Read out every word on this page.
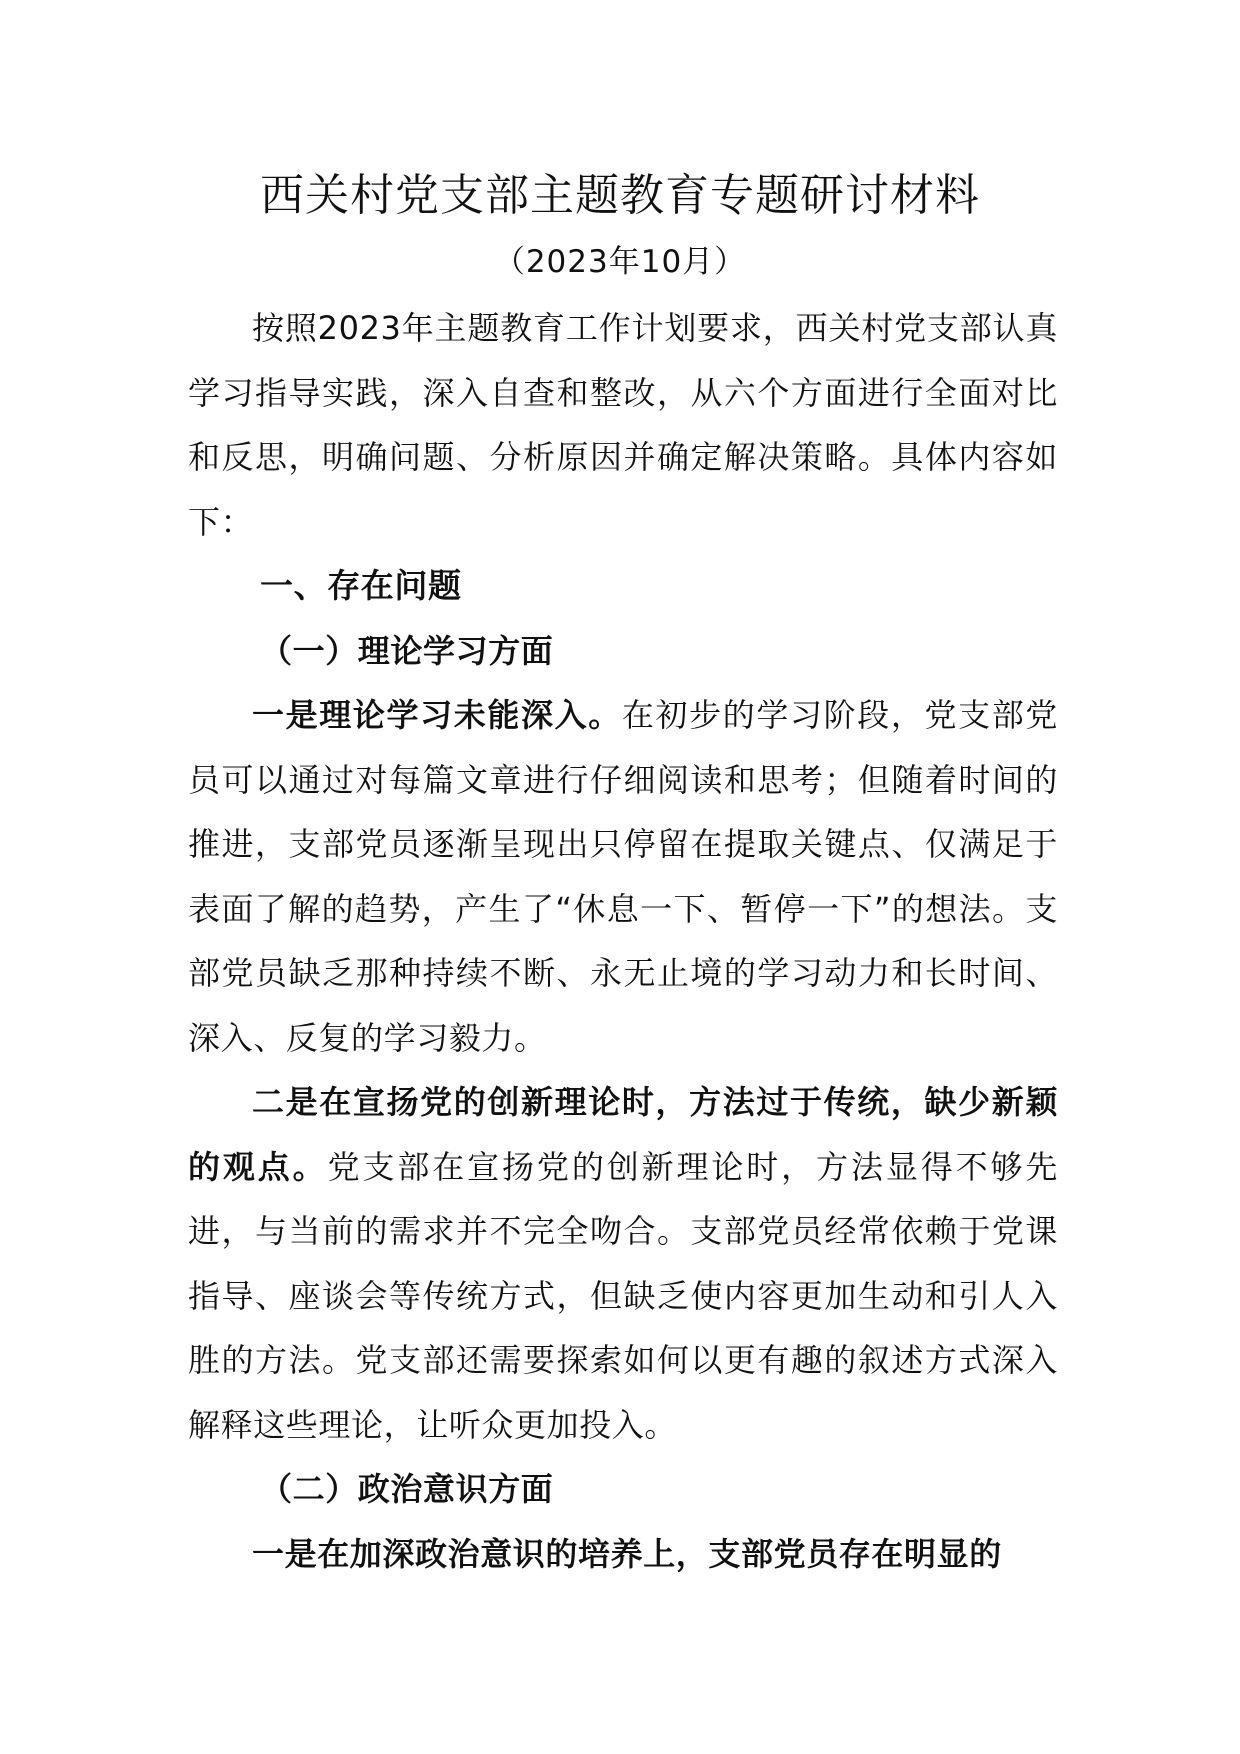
西关村党支部主题教育专题研讨材料
（2023年10月）

按照2023年主题教育工作计划要求，西关村党支部认真学习指导实践，深入自查和整改，从六个方面进行全面对比和反思，明确问题、分析原因并确定解决策略。具体内容如下：

一、存在问题

（一）理论学习方面

一是理论学习未能深入。在初步的学习阶段，党支部党员可以通过对每篇文章进行仔细阅读和思考；但随着时间的推进，支部党员逐渐呈现出只停留在提取关键点、仅满足于表面了解的趋势，产生了“休息一下、暂停一下”的想法。支部党员缺乏那种持续不断、永无止境的学习动力和长时间、深入、反复的学习毅力。

二是在宣扬党的创新理论时，方法过于传统，缺少新颖的观点。党支部在宣扬党的创新理论时，方法显得不够先进，与当前的需求并不完全吻合。支部党员经常依赖于党课指导、座谈会等传统方式，但缺乏使内容更加生动和引人入胜的方法。党支部还需要探索如何以更有趣的叙述方式深入解释这些理论，让听众更加投入。

（二）政治意识方面

一是在加深政治意识的培养上，支部党员存在明显的
